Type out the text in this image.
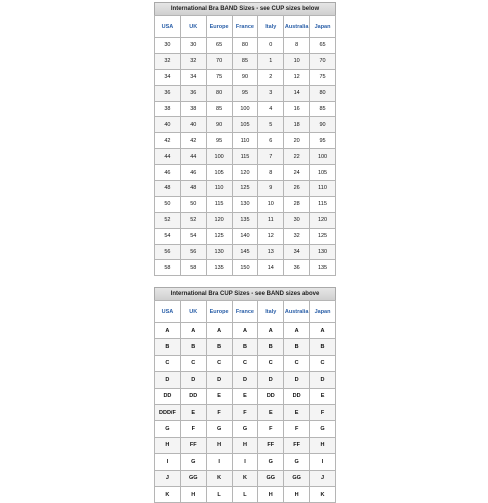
International Bra BAND Sizes - see CUP sizes below
USA	UK	Europe	France	Italy	Australia	Japan
30	30	65	80	0	8	65
32	32	70	85	1	10	70
34	34	75	90	2	12	75
36	36	80	95	3	14	80
38	38	85	100	4	16	85
40	40	90	105	5	18	90
42	42	95	110	6	20	95
44	44	100	115	7	22	100
46	46	105	120	8	24	105
48	48	110	125	9	26	110
50	50	115	130	10	28	115
52	52	120	135	11	30	120
54	54	125	140	12	32	125
56	56	130	145	13	34	130
58	58	135	150	14	36	135
International Bra CUP Sizes - see BAND sizes above
USA	UK	Europe	France	Italy	Australia	Japan
A	A	A	A	A	A	A
B	B	B	B	B	B	B
C	C	C	C	C	C	C
D	D	D	D	D	D	D
DD	DD	E	E	DD	DD	E
DDD/F	E	F	F	E	E	F
G	F	G	G	F	F	G
H	FF	H	H	FF	FF	H
I	G	I	I	G	G	I
J	GG	K	K	GG	GG	J
K	H	L	L	H	H	K
